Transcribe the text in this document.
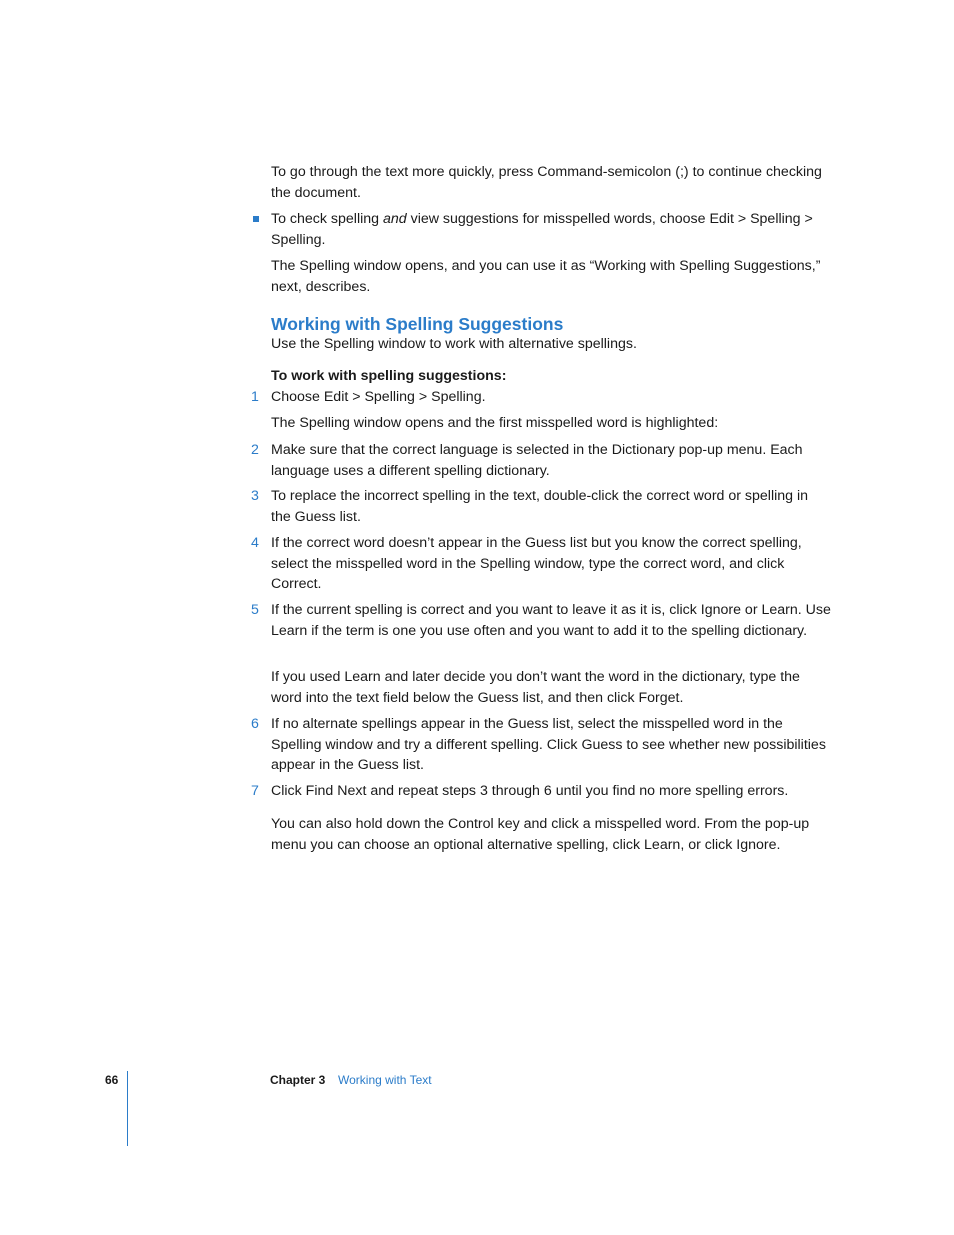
To go through the text more quickly, press Command-semicolon (;) to continue checking the document.

To check spelling and view suggestions for misspelled words, choose Edit > Spelling > Spelling.

The Spelling window opens, and you can use it as “Working with Spelling Suggestions,” next, describes.

Working with Spelling Suggestions

Use the Spelling window to work with alternative spellings.

To work with spelling suggestions:

1 Choose Edit > Spelling > Spelling.

The Spelling window opens and the first misspelled word is highlighted:

2 Make sure that the correct language is selected in the Dictionary pop-up menu. Each language uses a different spelling dictionary.

3 To replace the incorrect spelling in the text, double-click the correct word or spelling in the Guess list.

4 If the correct word doesn’t appear in the Guess list but you know the correct spelling, select the misspelled word in the Spelling window, type the correct word, and click Correct.

5 If the current spelling is correct and you want to leave it as it is, click Ignore or Learn. Use Learn if the term is one you use often and you want to add it to the spelling dictionary.

If you used Learn and later decide you don’t want the word in the dictionary, type the word into the text field below the Guess list, and then click Forget.

6 If no alternate spellings appear in the Guess list, select the misspelled word in the Spelling window and try a different spelling. Click Guess to see whether new possibilities appear in the Guess list.

7 Click Find Next and repeat steps 3 through 6 until you find no more spelling errors.

You can also hold down the Control key and click a misspelled word. From the pop-up menu you can choose an optional alternative spelling, click Learn, or click Ignore.

66	Chapter 3 Working with Text
